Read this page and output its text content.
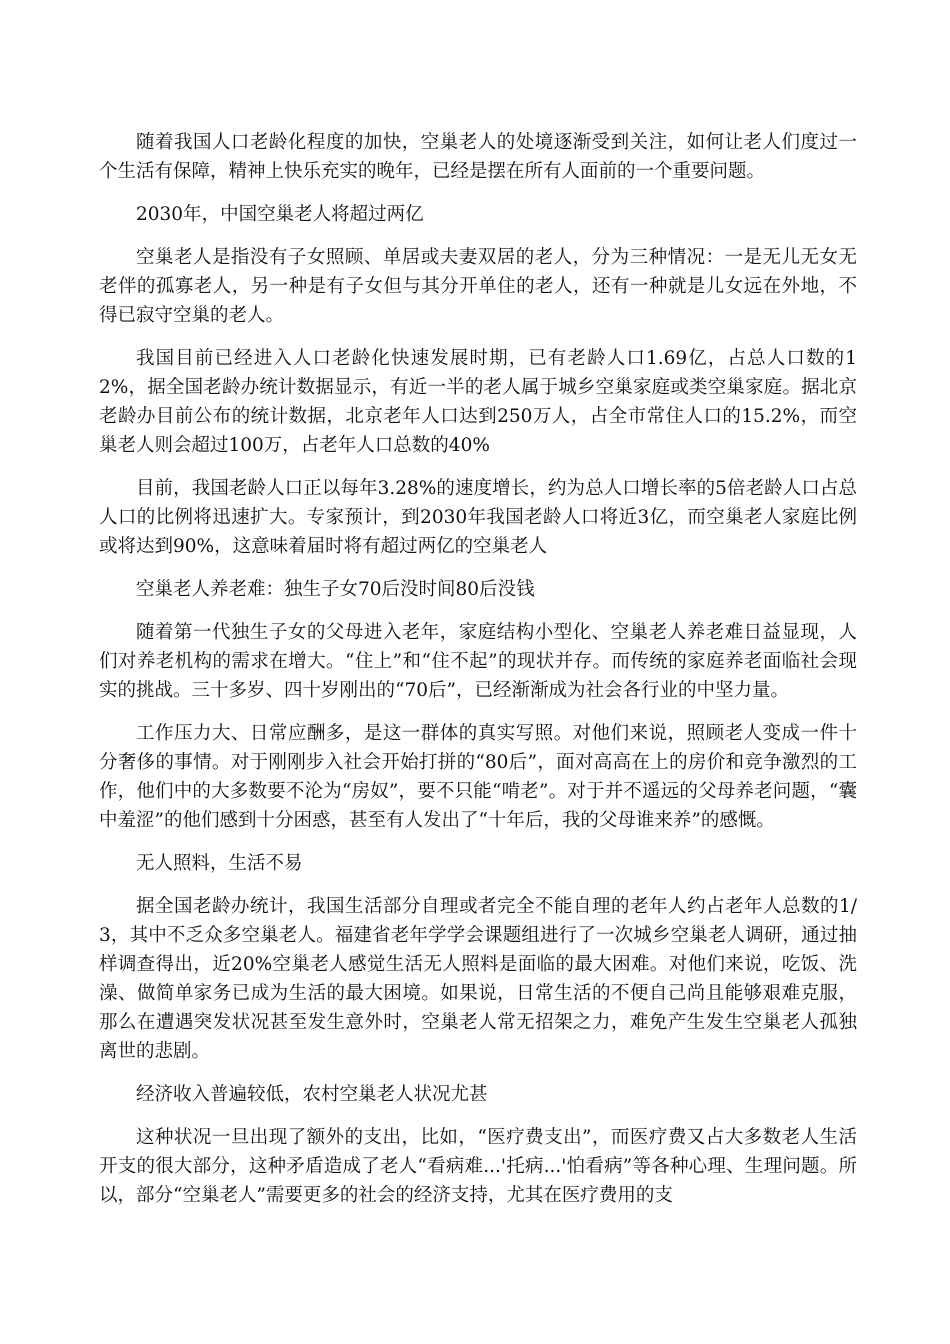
随着我国人口老龄化程度的加快，空巢老人的处境逐渐受到关注，如何让老人们度过一个生活有保障，精神上快乐充实的晚年，已经是摆在所有人面前的一个重要问题。

2030年，中国空巢老人将超过两亿

空巢老人是指没有子女照顾、单居或夫妻双居的老人，分为三种情况：一是无儿无女无老伴的孤寡老人，另一种是有子女但与其分开单住的老人，还有一种就是儿女远在外地，不得已寂守空巢的老人。

我国目前已经进入人口老龄化快速发展时期，已有老龄人口1.69亿，占总人口数的12%，据全国老龄办统计数据显示，有近一半的老人属于城乡空巢家庭或类空巢家庭。据北京老龄办目前公布的统计数据，北京老年人口达到250万人，占全市常住人口的15.2%，而空巢老人则会超过100万，占老年人口总数的40%

目前，我国老龄人口正以每年3.28%的速度增长，约为总人口增长率的5倍老龄人口占总人口的比例将迅速扩大。专家预计，到2030年我国老龄人口将近3亿，而空巢老人家庭比例或将达到90%，这意味着届时将有超过两亿的空巢老人

空巢老人养老难：独生子女70后没时间80后没钱

随着第一代独生子女的父母进入老年，家庭结构小型化、空巢老人养老难日益显现，人们对养老机构的需求在增大。“住上”和“住不起”的现状并存。而传统的家庭养老面临社会现实的挑战。三十多岁、四十岁刚出的“70后”，已经渐渐成为社会各行业的中坚力量。

工作压力大、日常应酬多，是这一群体的真实写照。对他们来说，照顾老人变成一件十分奢侈的事情。对于刚刚步入社会开始打拼的“80后”，面对高高在上的房价和竞争激烈的工作，他们中的大多数要不沦为“房奴”，要不只能“啃老”。对于并不遥远的父母养老问题，“囊中羞涩”的他们感到十分困惑，甚至有人发出了“十年后，我的父母谁来养”的感慨。

无人照料，生活不易

据全国老龄办统计，我国生活部分自理或者完全不能自理的老年人约占老年人总数的1/3，其中不乏众多空巢老人。福建省老年学学会课题组进行了一次城乡空巢老人调研，通过抽样调查得出，近20%空巢老人感觉生活无人照料是面临的最大困难。对他们来说，吃饭、洗澡、做简单家务已成为生活的最大困境。如果说，日常生活的不便自己尚且能够艰难克服，那么在遭遇突发状况甚至发生意外时，空巢老人常无招架之力，难免产生发生空巢老人孤独离世的悲剧。

经济收入普遍较低，农村空巢老人状况尤甚

这种状况一旦出现了额外的支出，比如，“医疗费支出”，而医疗费又占大多数老人生活开支的很大部分，这种矛盾造成了老人“看病难...'托病...'怕看病”等各种心理、生理问题。所以，部分“空巢老人”需要更多的社会的经济支持，尤其在医疗费用的支
